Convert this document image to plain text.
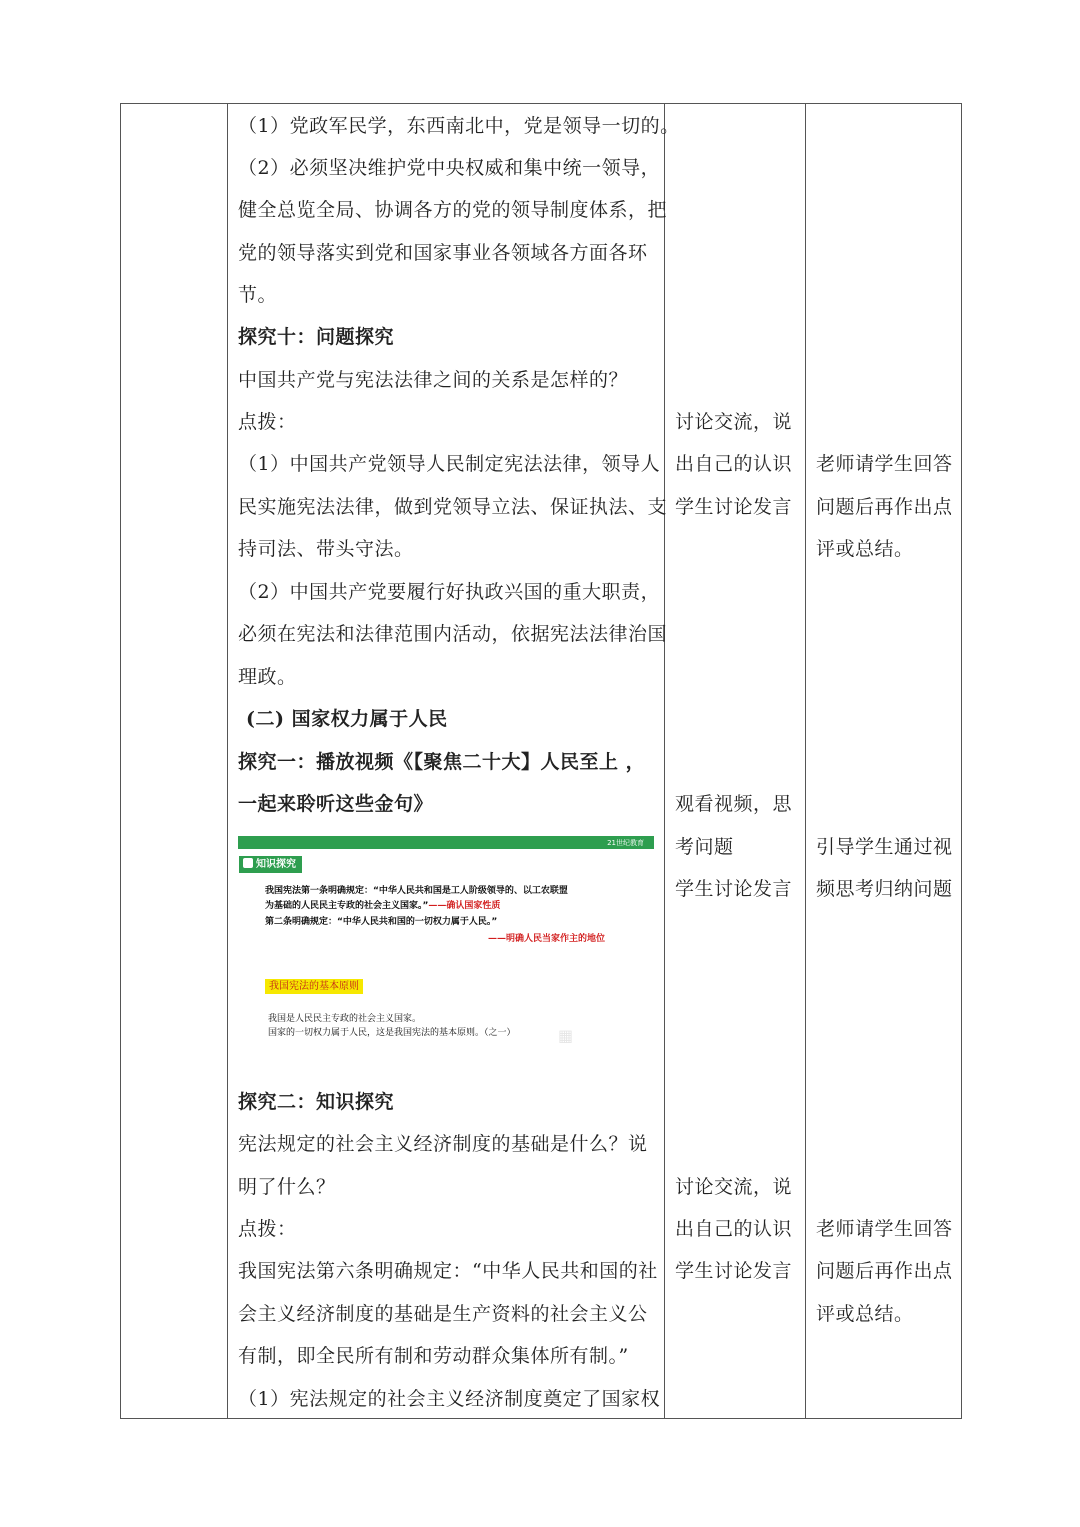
（1）党政军民学，东西南北中，党是领导一切的。
（2）必须坚决维护党中央权威和集中统一领导，
健全总览全局、协调各方的党的领导制度体系，把
党的领导落实到党和国家事业各领域各方面各环
节。
探究十：问题探究
中国共产党与宪法法律之间的关系是怎样的？
点拨：
（1）中国共产党领导人民制定宪法法律，领导人
民实施宪法法律，做到党领导立法、保证执法、支
持司法、带头守法。
（2）中国共产党要履行好执政兴国的重大职责，
必须在宪法和法律范围内活动，依据宪法法律治国
理政。
(二) 国家权力属于人民
探究一：播放视频《【聚焦二十大】人民至上 ，
一起来聆听这些金句》
21世纪教育
知识探究
我国宪法第一条明确规定：“中华人民共和国是工人阶级领导的、以工农联盟
为基础的人民民主专政的社会主义国家。”——确认国家性质
第二条明确规定：“中华人民共和国的一切权力属于人民。”
——明确人民当家作主的地位
我国宪法的基本原则
我国是人民民主专政的社会主义国家。
国家的一切权力属于人民，这是我国宪法的基本原则。（之一）	▦
探究二：知识探究
宪法规定的社会主义经济制度的基础是什么？说
明了什么？
点拨：
我国宪法第六条明确规定：“中华人民共和国的社
会主义经济制度的基础是生产资料的社会主义公
有制，即全民所有制和劳动群众集体所有制。”
（1）宪法规定的社会主义经济制度奠定了国家权
讨论交流，说
出自己的认识
学生讨论发言
观看视频，思
考问题
学生讨论发言
讨论交流，说
出自己的认识
学生讨论发言
老师请学生回答
问题后再作出点
评或总结。
引导学生通过视
频思考归纳问题
老师请学生回答
问题后再作出点
评或总结。
